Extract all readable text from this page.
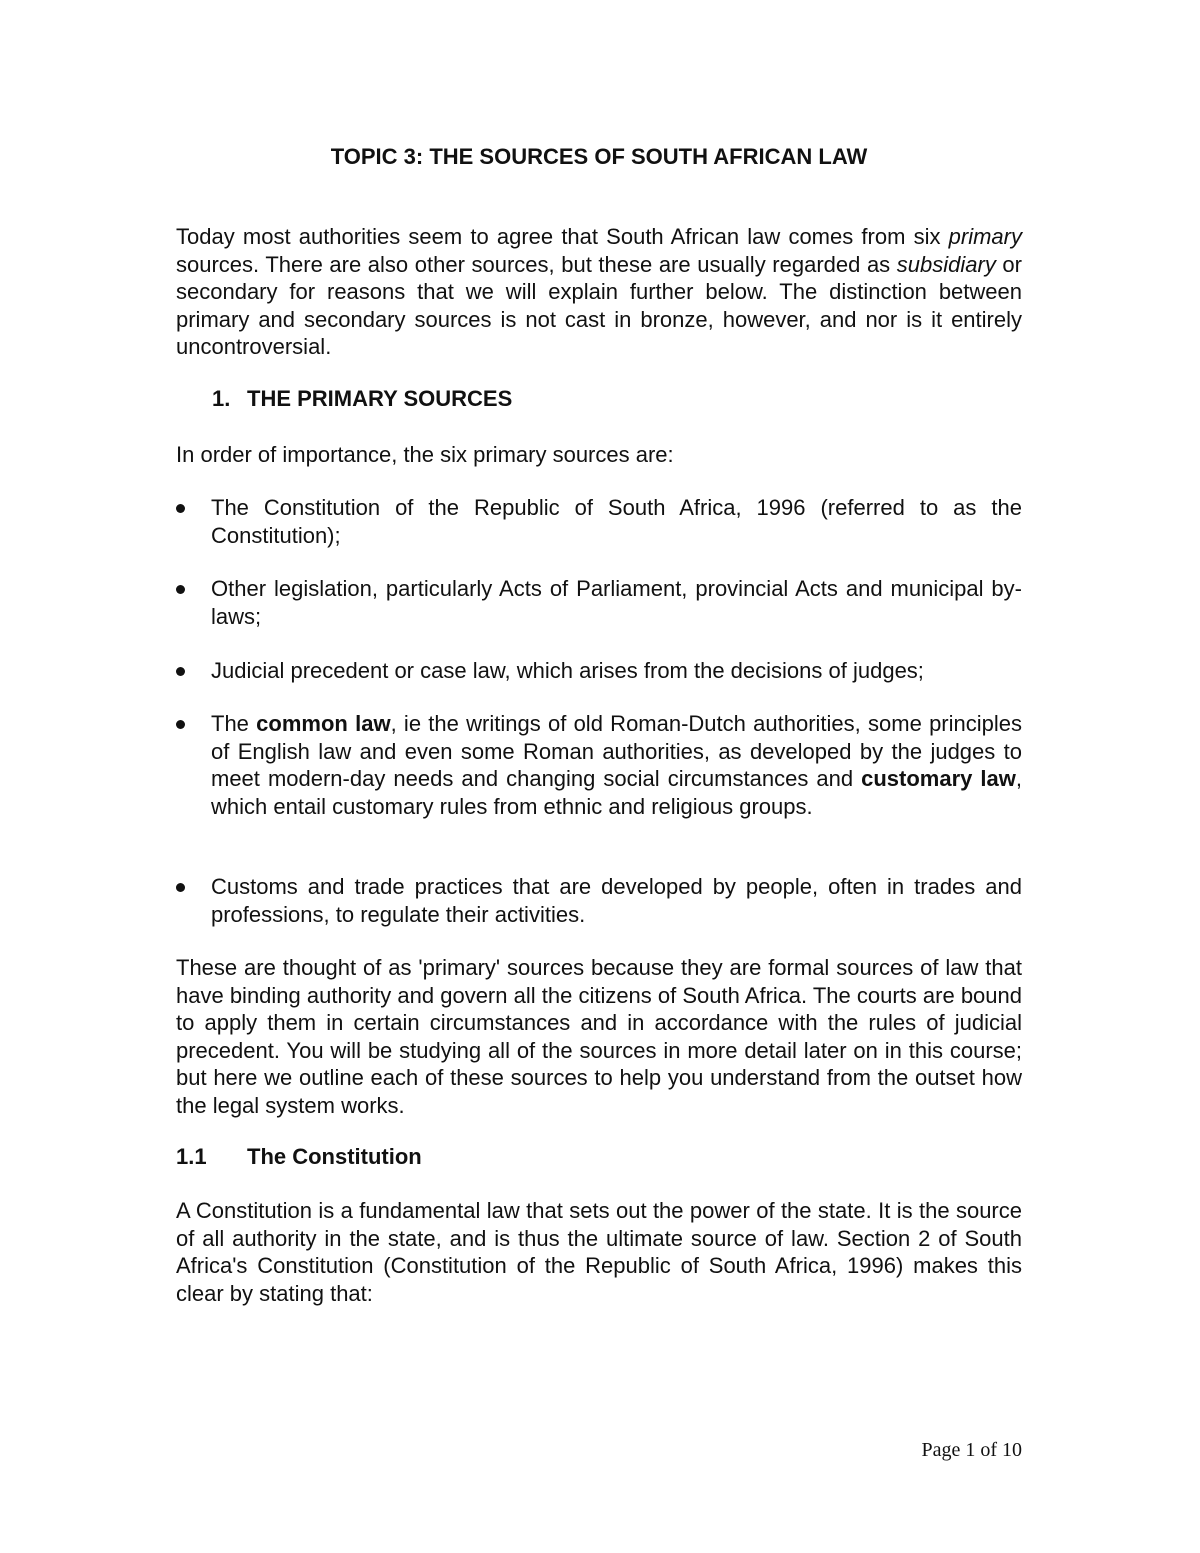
TOPIC 3: THE SOURCES OF SOUTH AFRICAN LAW
Today most authorities seem to agree that South African law comes from six primary sources. There are also other sources, but these are usually regarded as subsidiary or secondary for reasons that we will explain further below. The distinction between primary and secondary sources is not cast in bronze, however, and nor is it entirely uncontroversial.
1. THE PRIMARY SOURCES
In order of importance, the six primary sources are:
The Constitution of the Republic of South Africa, 1996 (referred to as the Constitution);
Other legislation, particularly Acts of Parliament, provincial Acts and municipal by-laws;
Judicial precedent or case law, which arises from the decisions of judges;
The common law, ie the writings of old Roman-Dutch authorities, some principles of English law and even some Roman authorities, as developed by the judges to meet modern-day needs and changing social circumstances and customary law, which entail customary rules from ethnic and religious groups.
Customs and trade practices that are developed by people, often in trades and professions, to regulate their activities.
These are thought of as 'primary' sources because they are formal sources of law that have binding authority and govern all the citizens of South Africa. The courts are bound to apply them in certain circumstances and in accordance with the rules of judicial precedent. You will be studying all of the sources in more detail later on in this course; but here we outline each of these sources to help you understand from the outset how the legal system works.
1.1 The Constitution
A Constitution is a fundamental law that sets out the power of the state. It is the source of all authority in the state, and is thus the ultimate source of law. Section 2 of South Africa's Constitution (Constitution of the Republic of South Africa, 1996) makes this clear by stating that:
Page 1 of 10
